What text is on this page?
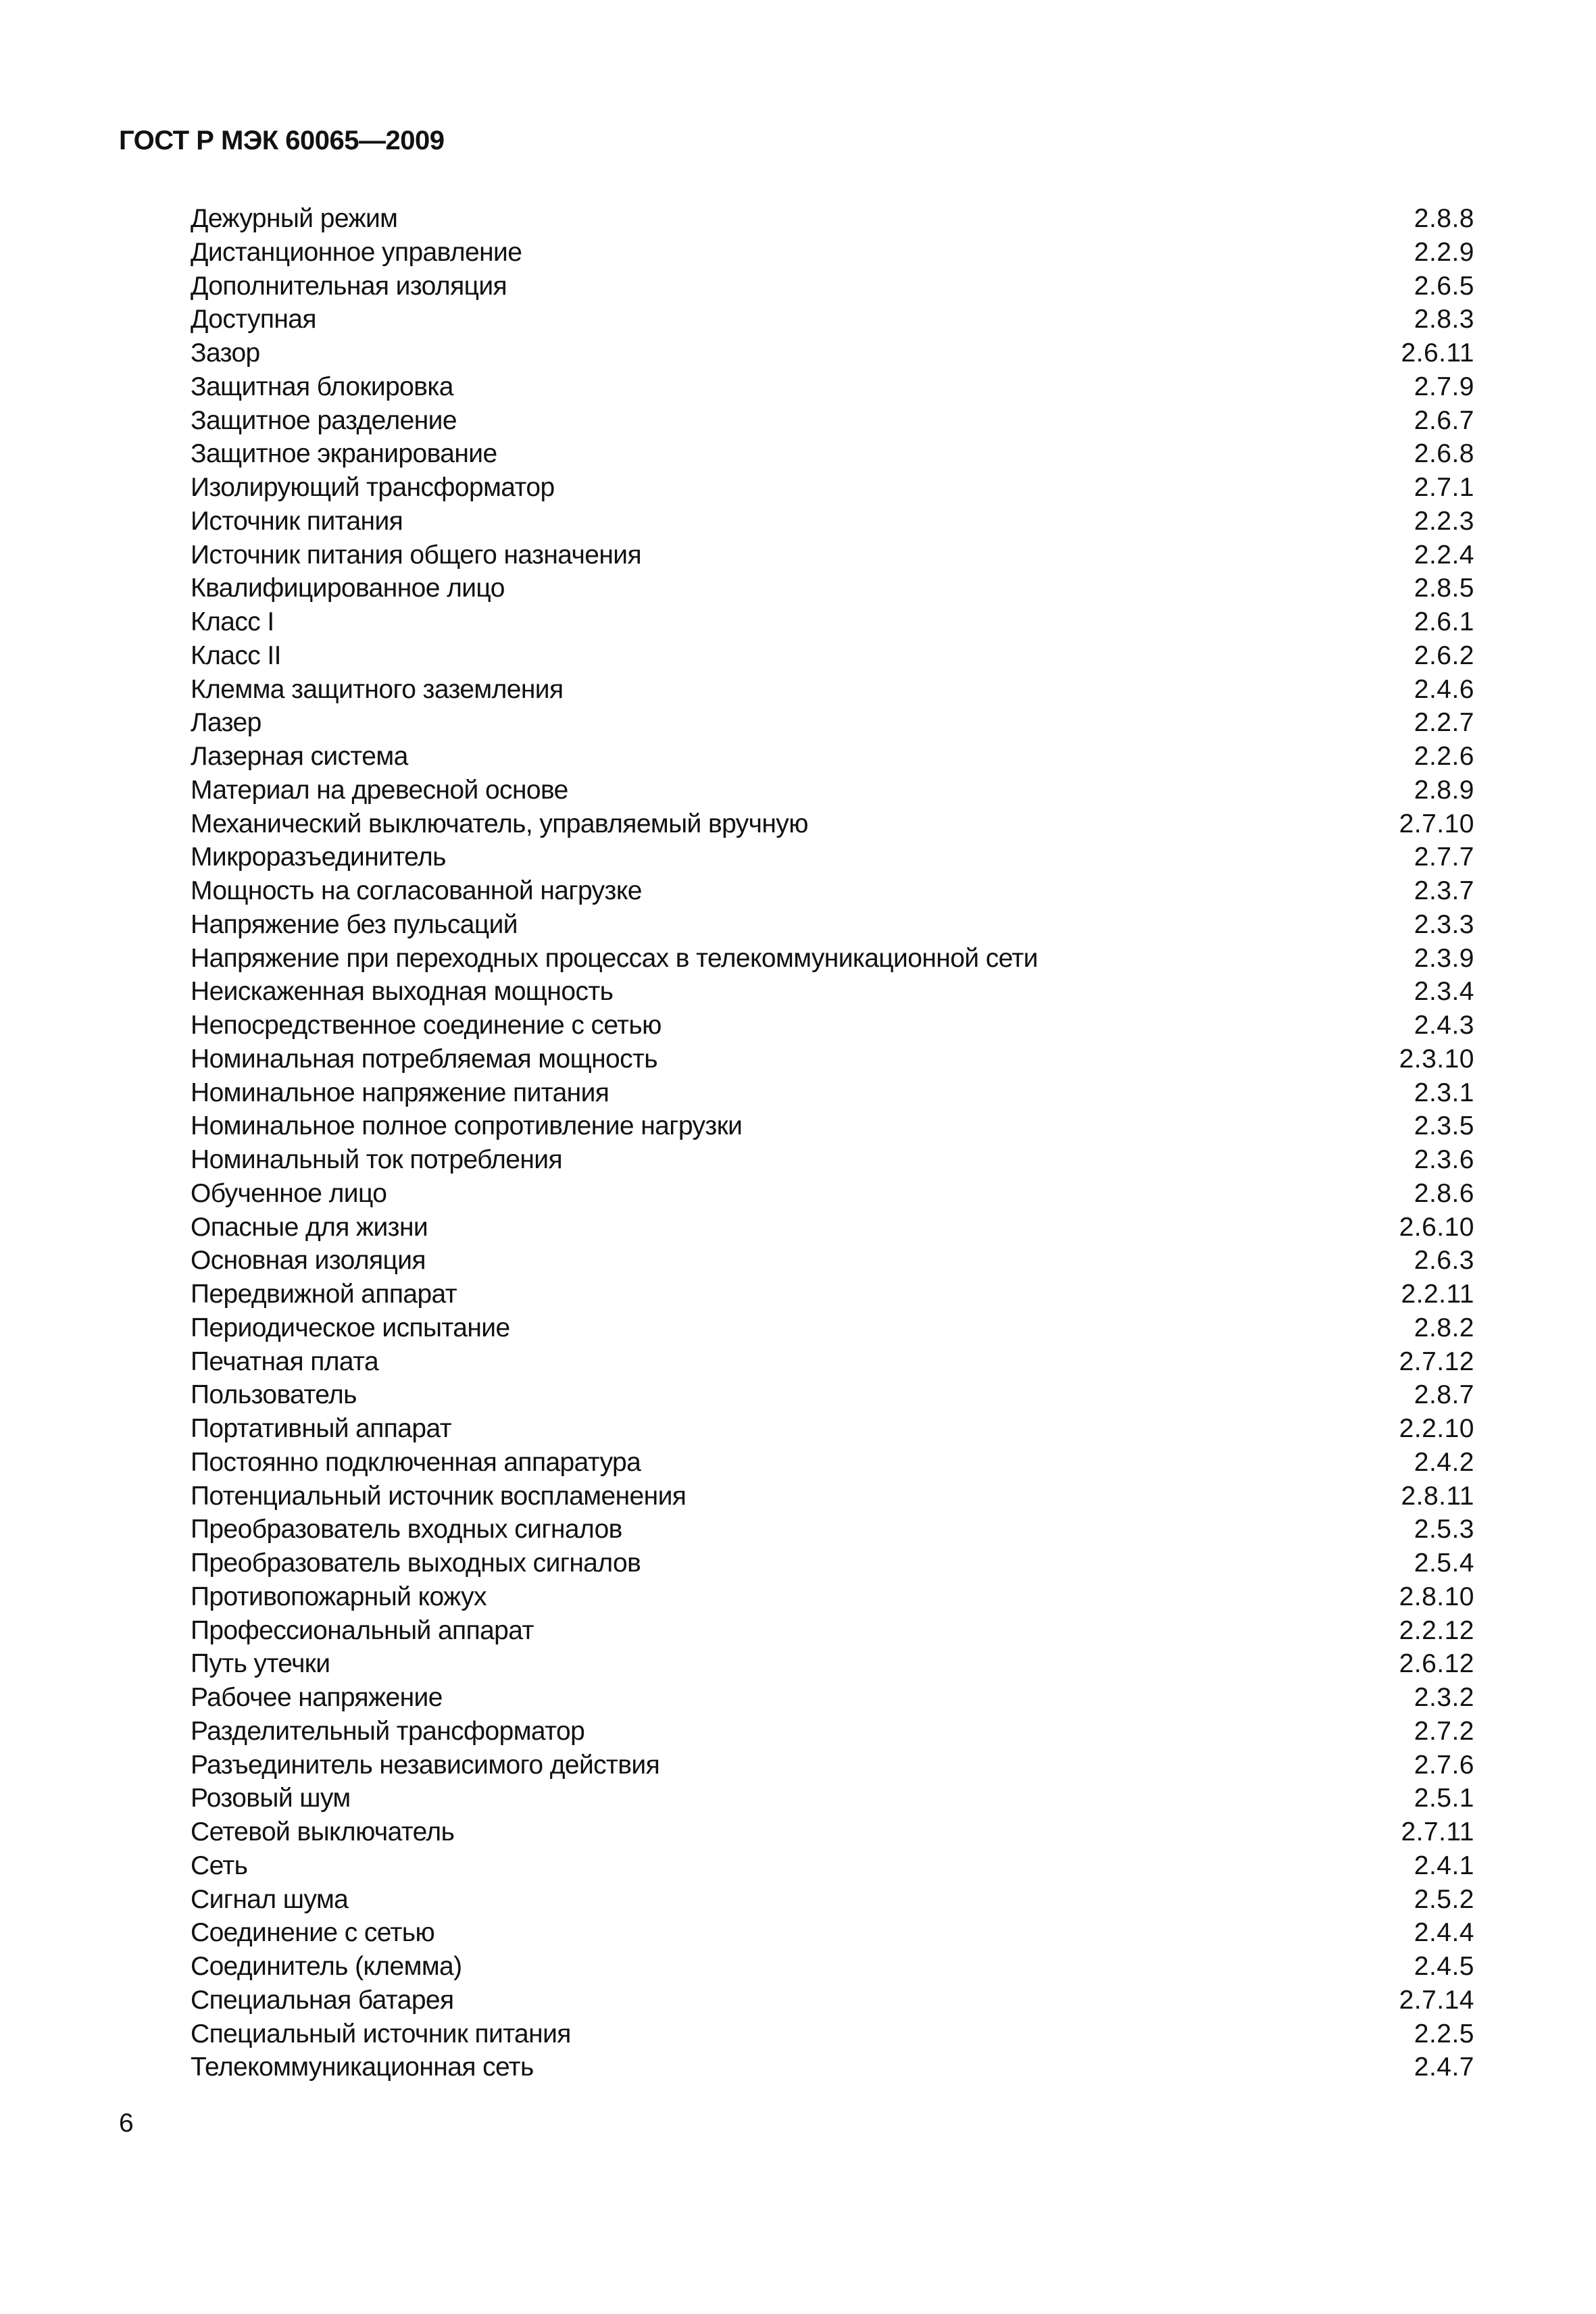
ГОСТ Р МЭК 60065—2009
Дежурный режим	2.8.8
Дистанционное управление	2.2.9
Дополнительная изоляция	2.6.5
Доступная	2.8.3
Зазор	2.6.11
Защитная блокировка	2.7.9
Защитное разделение	2.6.7
Защитное экранирование	2.6.8
Изолирующий трансформатор	2.7.1
Источник питания	2.2.3
Источник питания общего назначения	2.2.4
Квалифицированное лицо	2.8.5
Класс I	2.6.1
Класс II	2.6.2
Клемма защитного заземления	2.4.6
Лазер	2.2.7
Лазерная система	2.2.6
Материал на древесной основе	2.8.9
Механический выключатель, управляемый вручную	2.7.10
Микроразъединитель	2.7.7
Мощность на согласованной нагрузке	2.3.7
Напряжение без пульсаций	2.3.3
Напряжение при переходных процессах в телекоммуникационной сети	2.3.9
Неискаженная выходная мощность	2.3.4
Непосредственное соединение с сетью	2.4.3
Номинальная потребляемая мощность	2.3.10
Номинальное напряжение питания	2.3.1
Номинальное полное сопротивление нагрузки	2.3.5
Номинальный ток потребления	2.3.6
Обученное лицо	2.8.6
Опасные для жизни	2.6.10
Основная изоляция	2.6.3
Передвижной аппарат	2.2.11
Периодическое испытание	2.8.2
Печатная плата	2.7.12
Пользователь	2.8.7
Портативный аппарат	2.2.10
Постоянно подключенная аппаратура	2.4.2
Потенциальный источник воспламенения	2.8.11
Преобразователь входных сигналов	2.5.3
Преобразователь выходных сигналов	2.5.4
Противопожарный кожух	2.8.10
Профессиональный аппарат	2.2.12
Путь утечки	2.6.12
Рабочее напряжение	2.3.2
Разделительный трансформатор	2.7.2
Разъединитель независимого действия	2.7.6
Розовый шум	2.5.1
Сетевой выключатель	2.7.11
Сеть	2.4.1
Сигнал шума	2.5.2
Соединение с сетью	2.4.4
Соединитель (клемма)	2.4.5
Специальная батарея	2.7.14
Специальный источник питания	2.2.5
Телекоммуникационная сеть	2.4.7
6
